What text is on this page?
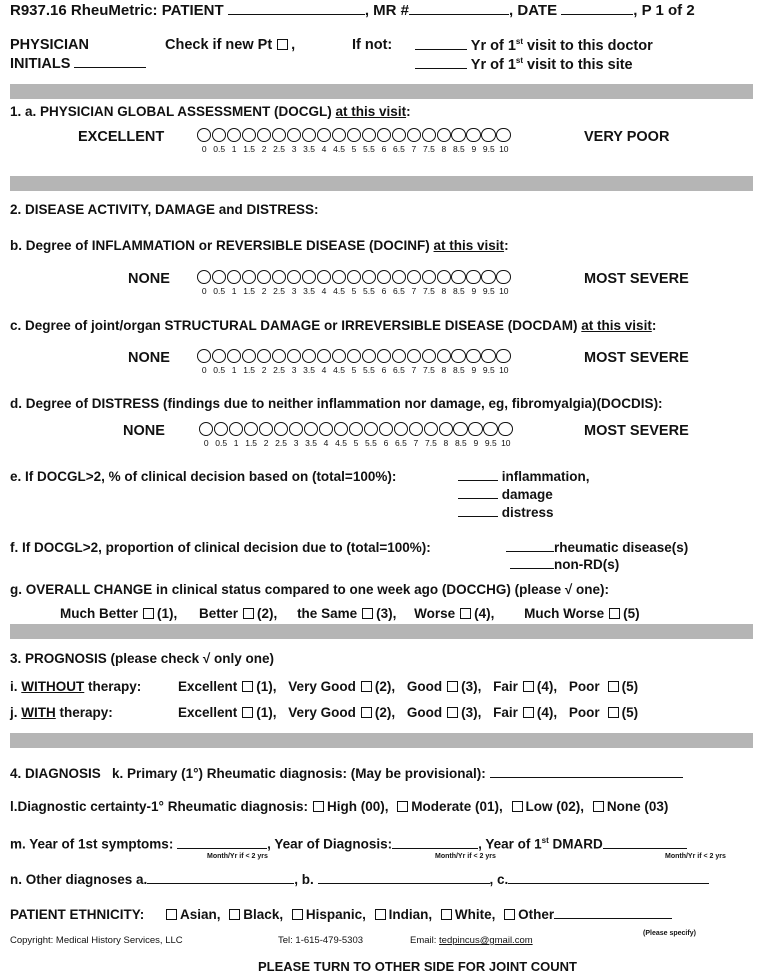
R937.16 RheuMetric: PATIENT	, MR #	, DATE	, P 1 of 2
PHYSICIAN
INITIALS
Check if new Pt ,	If not:	Yr of 1st visit to this doctor
Yr of 1st visit to this site
1. a. PHYSICIAN GLOBAL ASSESSMENT (DOCGL) at this visit:
EXCELLENT	VERY POOR
0 0.5 1 1.5 2 2.5 3 3.5 4 4.5 5 5.5 6 6.5 7 7.5 8 8.5 9 9.5 10
2. DISEASE ACTIVITY, DAMAGE and DISTRESS:
b. Degree of INFLAMMATION or REVERSIBLE DISEASE (DOCINF) at this visit:
NONE	MOST SEVERE
0 0.5 1 1.5 2 2.5 3 3.5 4 4.5 5 5.5 6 6.5 7 7.5 8 8.5 9 9.5 10
c. Degree of joint/organ STRUCTURAL DAMAGE or IRREVERSIBLE DISEASE (DOCDAM) at this visit:
NONE	MOST SEVERE
0 0.5 1 1.5 2 2.5 3 3.5 4 4.5 5 5.5 6 6.5 7 7.5 8 8.5 9 9.5 10
d. Degree of DISTRESS (findings due to neither inflammation nor damage, eg, fibromyalgia)(DOCDIS):
NONE	MOST SEVERE
0 0.5 1 1.5 2 2.5 3 3.5 4 4.5 5 5.5 6 6.5 7 7.5 8 8.5 9 9.5 10
e. If DOCGL>2, % of clinical decision based on (total=100%):	inflammation,
damage
distress
f. If DOCGL>2, proportion of clinical decision due to (total=100%):	rheumatic disease(s)
non-RD(s)
g. OVERALL CHANGE in clinical status compared to one week ago (DOCCHG) (please √ one):
Much Better (1), Better (2), the Same (3), Worse (4), Much Worse (5)
3. PROGNOSIS (please check √ only one)
i. WITHOUT therapy:	Excellent (1), Very Good (2), Good (3), Fair (4), Poor (5)
j. WITH therapy:	Excellent (1), Very Good (2), Good (3), Fair (4), Poor (5)
4. DIAGNOSIS k. Primary (1°) Rheumatic diagnosis: (May be provisional):
l.Diagnostic certainty-1° Rheumatic diagnosis: High (00), Moderate (01), Low (02), None (03)
m. Year of 1st symptoms:	, Year of Diagnosis:	, Year of 1st DMARD
Month/Yr if < 2 yrs	Month/Yr if < 2 yrs	Month/Yr if < 2 yrs
n. Other diagnoses a.	, b.	, c.
PATIENT ETHNICITY:	Asian, Black, Hispanic, Indian, White, Other
(Please specify)
Copyright: Medical History Services, LLC	Tel: 1-615-479-5303	Email: tedpincus@gmail.com
PLEASE TURN TO OTHER SIDE FOR JOINT COUNT
